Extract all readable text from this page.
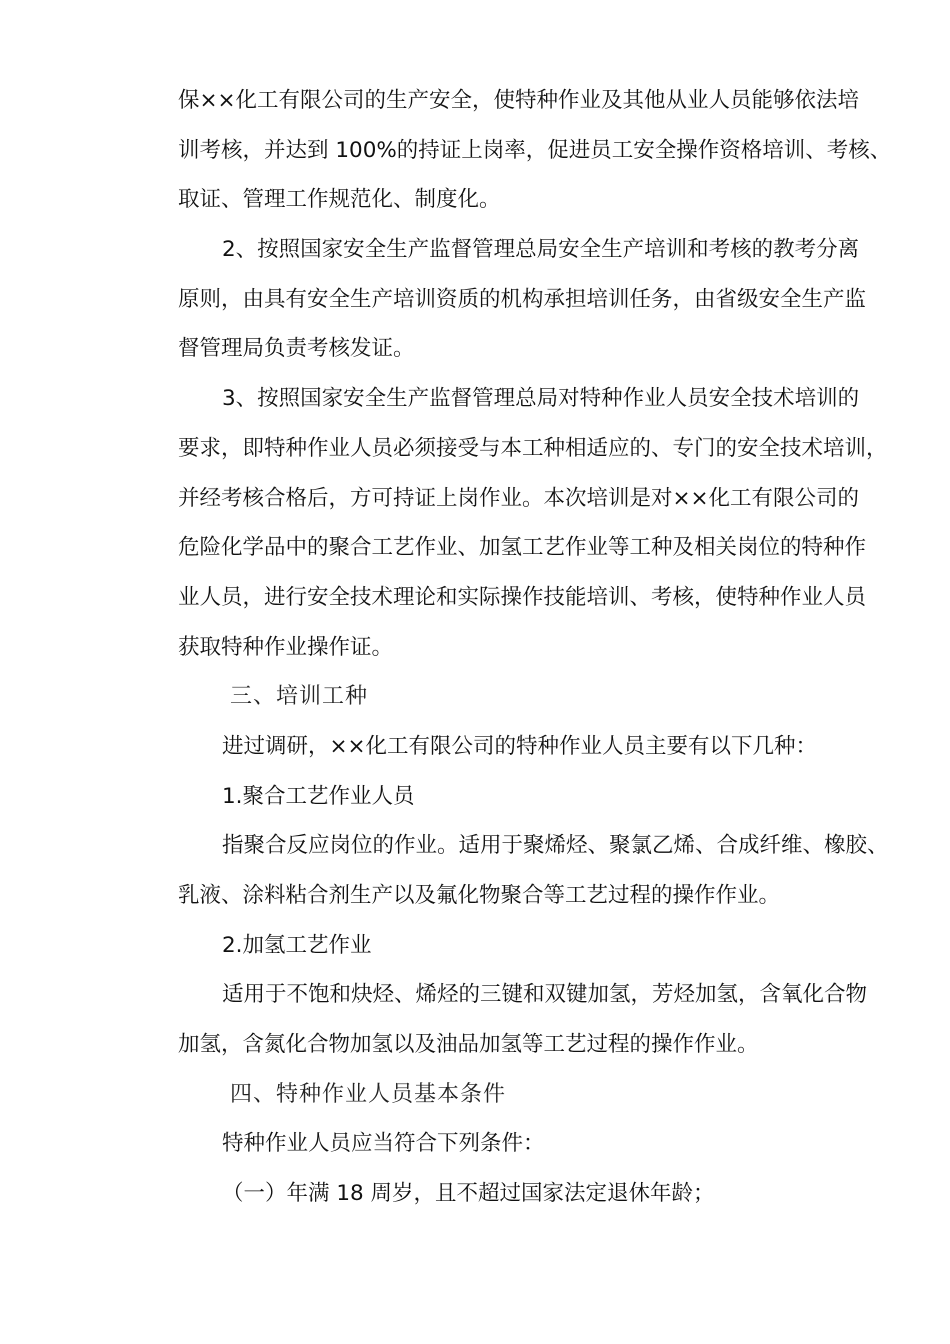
保××化工有限公司的生产安全，使特种作业及其他从业人员能够依法培
训考核，并达到 100%的持证上岗率，促进员工安全操作资格培训、考核、
取证、管理工作规范化、制度化。
2、按照国家安全生产监督管理总局安全生产培训和考核的教考分离
原则，由具有安全生产培训资质的机构承担培训任务，由省级安全生产监
督管理局负责考核发证。
3、按照国家安全生产监督管理总局对特种作业人员安全技术培训的
要求，即特种作业人员必须接受与本工种相适应的、专门的安全技术培训，
并经考核合格后，方可持证上岗作业。本次培训是对××化工有限公司的
危险化学品中的聚合工艺作业、加氢工艺作业等工种及相关岗位的特种作
业人员，进行安全技术理论和实际操作技能培训、考核，使特种作业人员
获取特种作业操作证。
三、培训工种
进过调研，××化工有限公司的特种作业人员主要有以下几种：
1.聚合工艺作业人员
指聚合反应岗位的作业。适用于聚烯烃、聚氯乙烯、合成纤维、橡胶、
乳液、涂料粘合剂生产以及氟化物聚合等工艺过程的操作作业。
2.加氢工艺作业
适用于不饱和炔烃、烯烃的三键和双键加氢，芳烃加氢，含氧化合物
加氢，含氮化合物加氢以及油品加氢等工艺过程的操作作业。
四、特种作业人员基本条件
特种作业人员应当符合下列条件：
（一）年满 18 周岁，且不超过国家法定退休年龄；
